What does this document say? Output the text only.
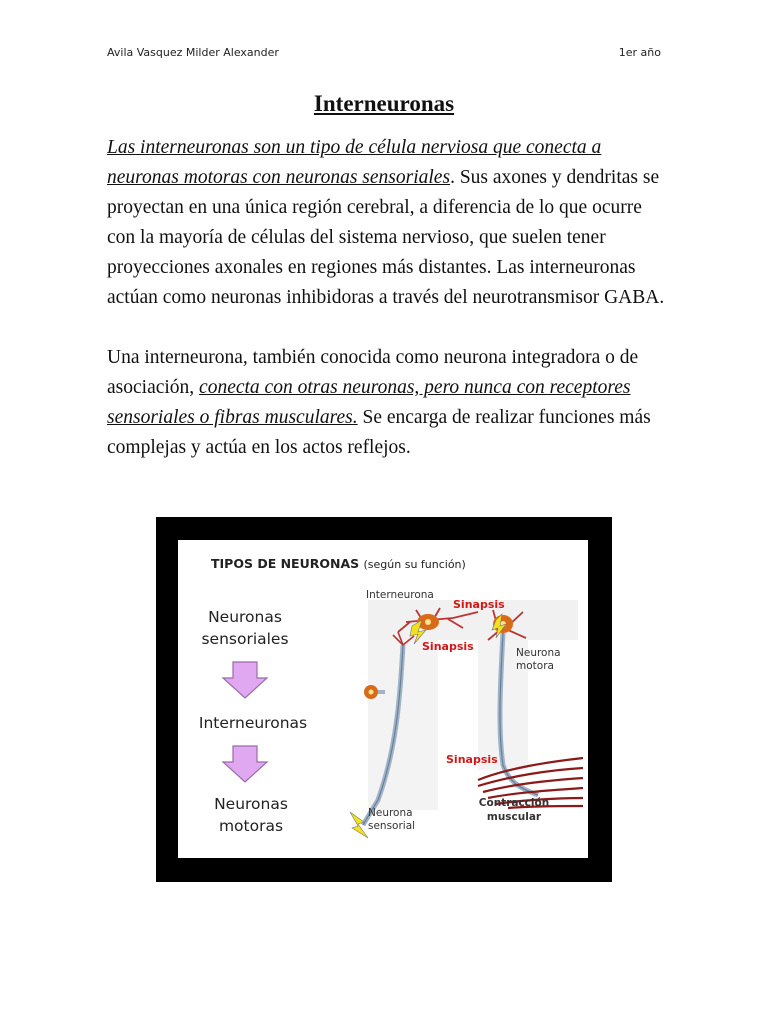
Avila Vasquez Milder Alexander	1er año
Interneuronas

Las interneuronas son un tipo de célula nerviosa que conecta a neuronas motoras con neuronas sensoriales. Sus axones y dendritas se proyectan en una única región cerebral, a diferencia de lo que ocurre con la mayoría de células del sistema nervioso, que suelen tener proyecciones axonales en regiones más distantes. Las interneuronas actúan como neuronas inhibidoras a través del neurotransmisor GABA.

Una interneurona, también conocida como neurona integradora o de asociación, conecta con otras neuronas, pero nunca con receptores sensoriales o fibras musculares. Se encarga de realizar funciones más complejas y actúa en los actos reflejos.

TIPOS DE NEURONAS (según su función)
Neuronas sensoriales
Interneuronas
Neuronas motoras
Interneurona
Sinapsis
Sinapsis	Neurona motora
Sinapsis
Neurona sensorial
Contracción muscular
